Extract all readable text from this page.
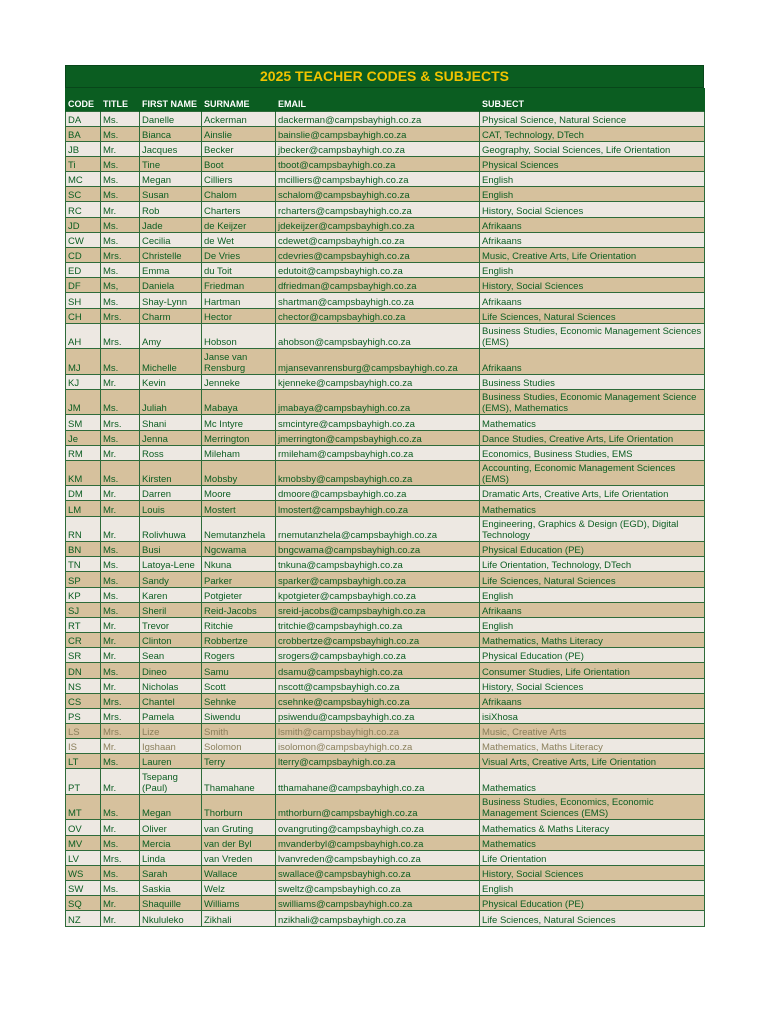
2025 TEACHER CODES & SUBJECTS
CODE	TITLE	FIRST NAME	SURNAME	EMAIL	SUBJECT
DA	Ms.	Danelle	Ackerman	dackerman@campsbayhigh.co.za	Physical Science, Natural Science
BA	Ms.	Bianca	Ainslie	bainslie@campsbayhigh.co.za	CAT, Technology, DTech
JB	Mr.	Jacques	Becker	jbecker@campsbayhigh.co.za	Geography, Social Sciences, Life Orientation
Ti	Ms.	Tine	Boot	tboot@campsbayhigh.co.za	Physical Sciences
MC	Ms.	Megan	Cilliers	mcilliers@campsbayhigh.co.za	English
SC	Ms.	Susan	Chalom	schalom@campsbayhigh.co.za	English
RC	Mr.	Rob	Charters	rcharters@campsbayhigh.co.za	History, Social Sciences
JD	Ms.	Jade	de Keijzer	jdekeijzer@campsbayhigh.co.za	Afrikaans
CW	Ms.	Cecilia	de Wet	cdewet@campsbayhigh.co.za	Afrikaans
CD	Mrs.	Christelle	De Vries	cdevries@campsbayhigh.co.za	Music, Creative Arts, Life Orientation
ED	Ms.	Emma	du Toit	edutoit@campsbayhigh.co.za	English
DF	Ms,	Daniela	Friedman	dfriedman@campsbayhigh.co.za	History, Social Sciences
SH	Ms.	Shay-Lynn	Hartman	shartman@campsbayhigh.co.za	Afrikaans
CH	Mrs.	Charm	Hector	chector@campsbayhigh.co.za	Life Sciences, Natural Sciences
AH	Mrs.	Amy	Hobson	ahobson@campsbayhigh.co.za	Business Studies, Economic Management Sciences (EMS)
MJ	Ms.	Michelle	Janse van Rensburg	mjansevanrensburg@campsbayhigh.co.za	Afrikaans
KJ	Mr.	Kevin	Jenneke	kjenneke@campsbayhigh.co.za	Business Studies
JM	Ms.	Juliah	Mabaya	jmabaya@campsbayhigh.co.za	Business Studies, Economic Management Science (EMS), Mathematics
SM	Mrs.	Shani	Mc Intyre	smcintyre@campsbayhigh.co.za	Mathematics
Je	Ms.	Jenna	Merrington	jmerrington@campsbayhigh.co.za	Dance Studies, Creative Arts, Life Orientation
RM	Mr.	Ross	Mileham	rmileham@campsbayhigh.co.za	Economics, Business Studies, EMS
KM	Ms.	Kirsten	Mobsby	kmobsby@campsbayhigh.co.za	Accounting, Economic Management Sciences (EMS)
DM	Mr.	Darren	Moore	dmoore@campsbayhigh.co.za	Dramatic Arts, Creative Arts, Life Orientation
LM	Mr.	Louis	Mostert	lmostert@campsbayhigh.co.za	Mathematics
RN	Mr.	Rolivhuwa	Nemutanzhela	rnemutanzhela@campsbayhigh.co.za	Engineering, Graphics & Design (EGD), Digital Technology
BN	Ms.	Busi	Ngcwama	bngcwama@campsbayhigh.co.za	Physical Education (PE)
TN	Ms.	Latoya-Lene	Nkuna	tnkuna@campsbayhigh.co.za	Life Orientation, Technology, DTech
SP	Ms.	Sandy	Parker	sparker@campsbayhigh.co.za	Life Sciences, Natural Sciences
KP	Ms.	Karen	Potgieter	kpotgieter@campsbayhigh.co.za	English
SJ	Ms.	Sheril	Reid-Jacobs	sreid-jacobs@campsbayhigh.co.za	Afrikaans
RT	Mr.	Trevor	Ritchie	tritchie@campsbayhigh.co.za	English
CR	Mr.	Clinton	Robbertze	crobbertze@campsbayhigh.co.za	Mathematics, Maths Literacy
SR	Mr.	Sean	Rogers	srogers@campsbayhigh.co.za	Physical Education (PE)
DN	Ms.	Dineo	Samu	dsamu@campsbayhigh.co.za	Consumer Studies, Life Orientation
NS	Mr.	Nicholas	Scott	nscott@campsbayhigh.co.za	History, Social Sciences
CS	Mrs.	Chantel	Sehnke	csehnke@campsbayhigh.co.za	Afrikaans
PS	Mrs.	Pamela	Siwendu	psiwendu@campsbayhigh.co.za	isiXhosa
LS	Mrs.	Lize	Smith	lsmith@campsbayhigh.co.za	Music, Creative Arts
IS	Mr.	Igshaan	Solomon	isolomon@campsbayhigh.co.za	Mathematics, Maths Literacy
LT	Ms.	Lauren	Terry	lterry@campsbayhigh.co.za	Visual Arts, Creative Arts, Life Orientation
PT	Mr.	Tsepang (Paul)	Thamahane	tthamahane@campsbayhigh.co.za	Mathematics
MT	Ms.	Megan	Thorburn	mthorburn@campsbayhigh.co.za	Business Studies, Economics, Economic Management Sciences (EMS)
OV	Mr.	Oliver	van Gruting	ovangruting@campsbayhigh.co.za	Mathematics & Maths Literacy
MV	Ms.	Mercia	van der Byl	mvanderbyl@campsbayhigh.co.za	Mathematics
LV	Mrs.	Linda	van Vreden	lvanvreden@campsbayhigh.co.za	Life Orientation
WS	Ms.	Sarah	Wallace	swallace@campsbayhigh.co.za	History, Social Sciences
SW	Ms.	Saskia	Welz	sweltz@campsbayhigh.co.za	English
SQ	Mr.	Shaquille	Williams	swilliams@campsbayhigh.co.za	Physical Education (PE)
NZ	Mr.	Nkululeko	Zikhali	nzikhali@campsbayhigh.co.za	Life Sciences, Natural Sciences
